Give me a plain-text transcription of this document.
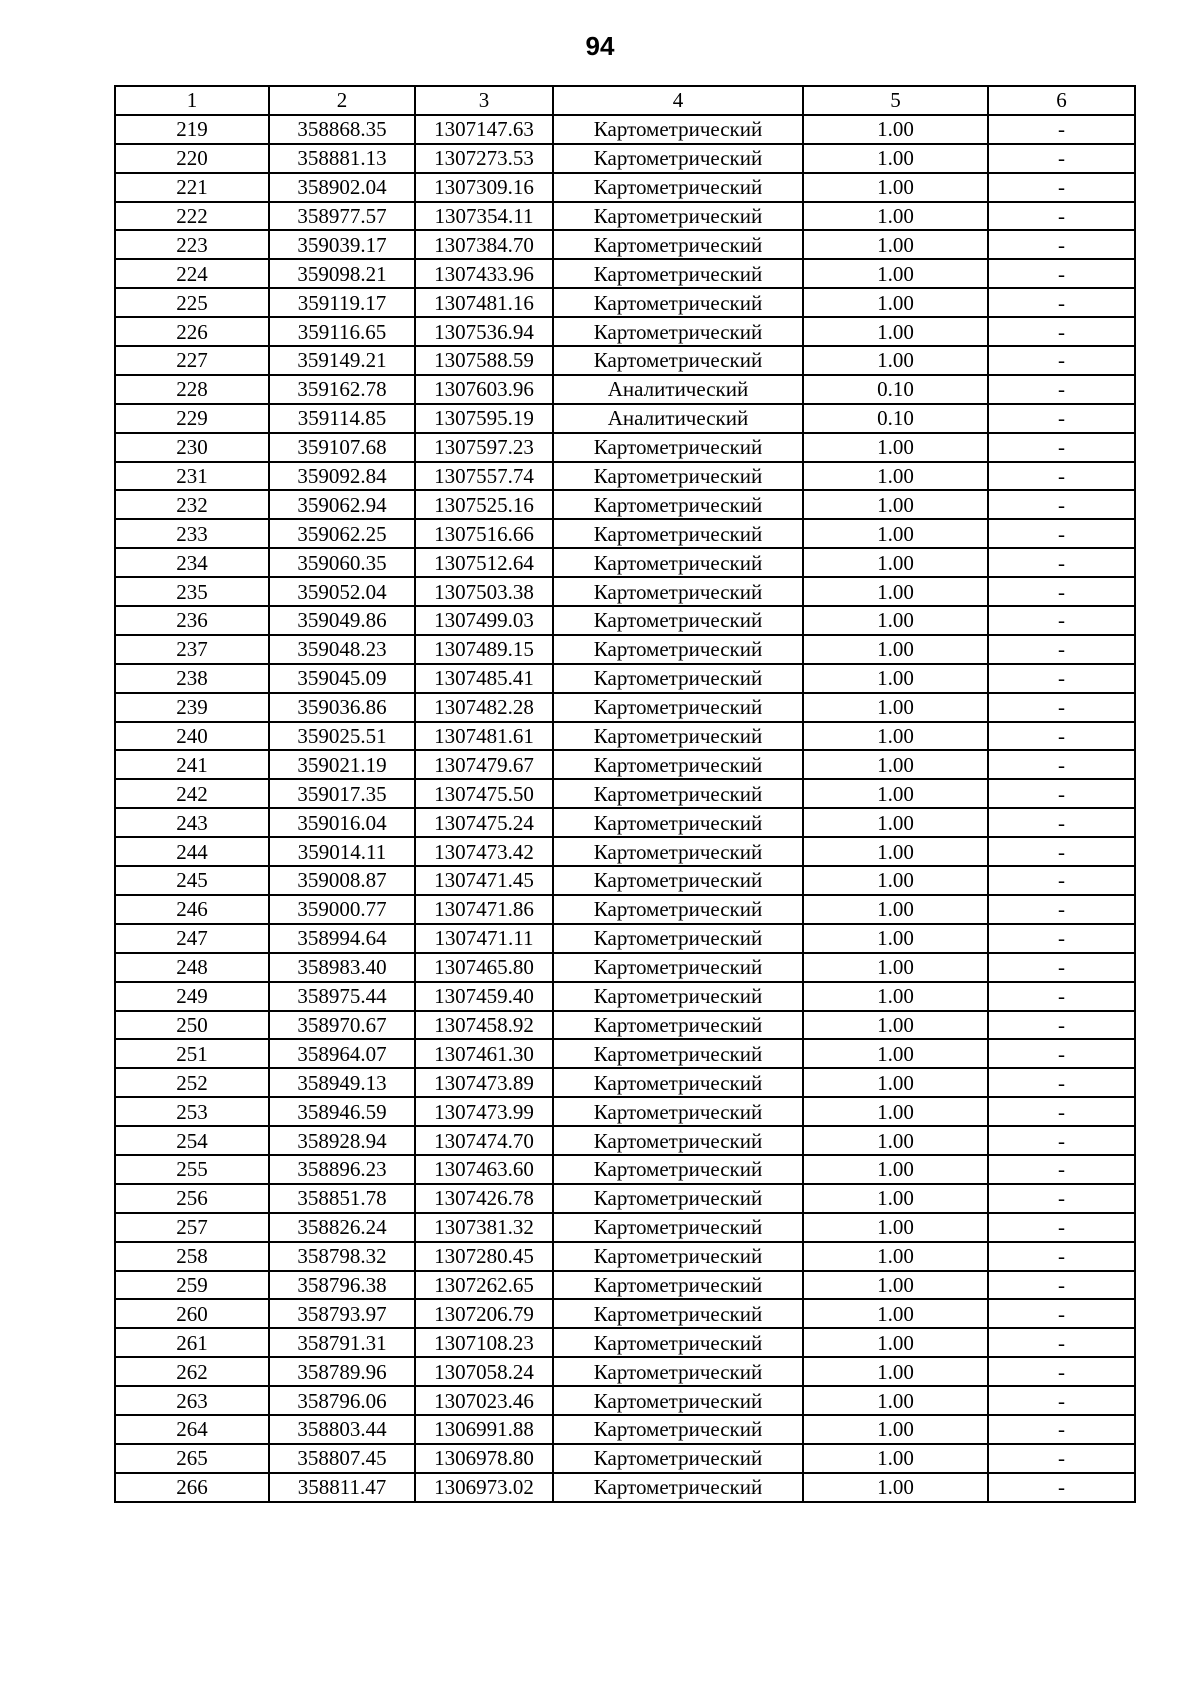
94
1	2	3	4	5	6
219	358868.35	1307147.63	Картометрический	1.00	-
220	358881.13	1307273.53	Картометрический	1.00	-
221	358902.04	1307309.16	Картометрический	1.00	-
222	358977.57	1307354.11	Картометрический	1.00	-
223	359039.17	1307384.70	Картометрический	1.00	-
224	359098.21	1307433.96	Картометрический	1.00	-
225	359119.17	1307481.16	Картометрический	1.00	-
226	359116.65	1307536.94	Картометрический	1.00	-
227	359149.21	1307588.59	Картометрический	1.00	-
228	359162.78	1307603.96	Аналитический	0.10	-
229	359114.85	1307595.19	Аналитический	0.10	-
230	359107.68	1307597.23	Картометрический	1.00	-
231	359092.84	1307557.74	Картометрический	1.00	-
232	359062.94	1307525.16	Картометрический	1.00	-
233	359062.25	1307516.66	Картометрический	1.00	-
234	359060.35	1307512.64	Картометрический	1.00	-
235	359052.04	1307503.38	Картометрический	1.00	-
236	359049.86	1307499.03	Картометрический	1.00	-
237	359048.23	1307489.15	Картометрический	1.00	-
238	359045.09	1307485.41	Картометрический	1.00	-
239	359036.86	1307482.28	Картометрический	1.00	-
240	359025.51	1307481.61	Картометрический	1.00	-
241	359021.19	1307479.67	Картометрический	1.00	-
242	359017.35	1307475.50	Картометрический	1.00	-
243	359016.04	1307475.24	Картометрический	1.00	-
244	359014.11	1307473.42	Картометрический	1.00	-
245	359008.87	1307471.45	Картометрический	1.00	-
246	359000.77	1307471.86	Картометрический	1.00	-
247	358994.64	1307471.11	Картометрический	1.00	-
248	358983.40	1307465.80	Картометрический	1.00	-
249	358975.44	1307459.40	Картометрический	1.00	-
250	358970.67	1307458.92	Картометрический	1.00	-
251	358964.07	1307461.30	Картометрический	1.00	-
252	358949.13	1307473.89	Картометрический	1.00	-
253	358946.59	1307473.99	Картометрический	1.00	-
254	358928.94	1307474.70	Картометрический	1.00	-
255	358896.23	1307463.60	Картометрический	1.00	-
256	358851.78	1307426.78	Картометрический	1.00	-
257	358826.24	1307381.32	Картометрический	1.00	-
258	358798.32	1307280.45	Картометрический	1.00	-
259	358796.38	1307262.65	Картометрический	1.00	-
260	358793.97	1307206.79	Картометрический	1.00	-
261	358791.31	1307108.23	Картометрический	1.00	-
262	358789.96	1307058.24	Картометрический	1.00	-
263	358796.06	1307023.46	Картометрический	1.00	-
264	358803.44	1306991.88	Картометрический	1.00	-
265	358807.45	1306978.80	Картометрический	1.00	-
266	358811.47	1306973.02	Картометрический	1.00	-
